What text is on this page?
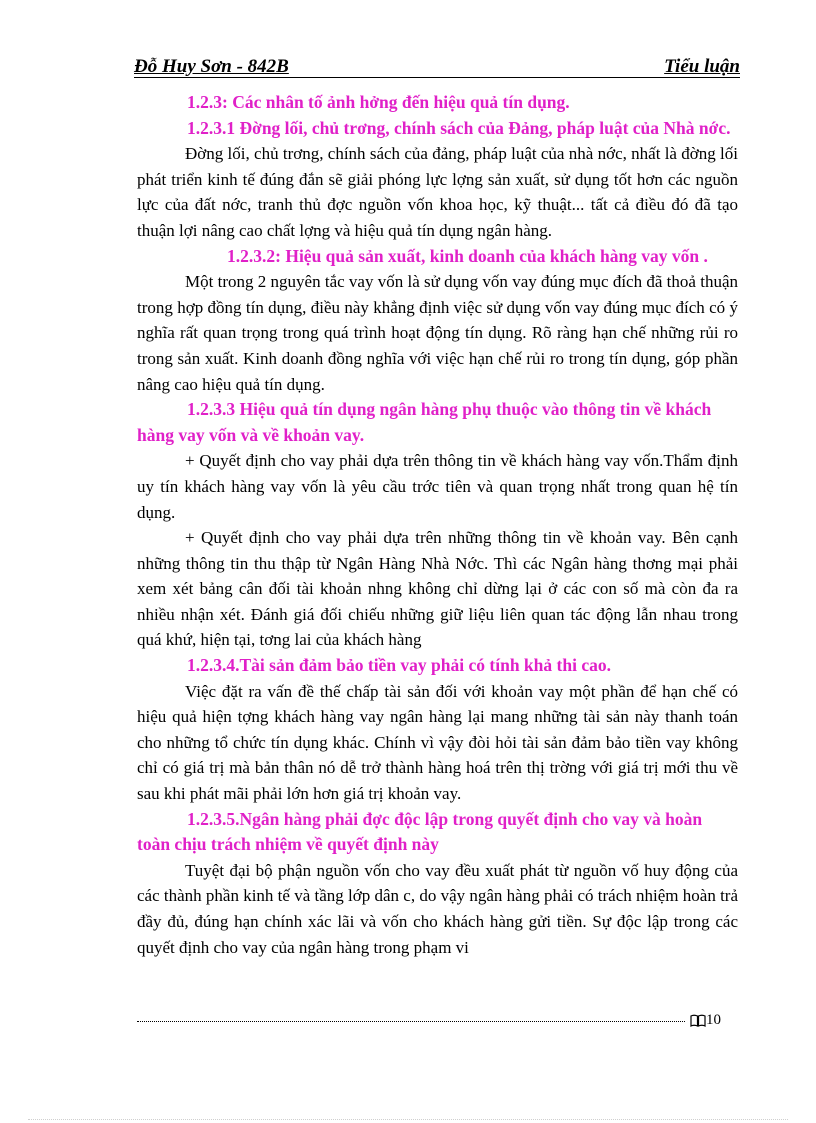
Đỗ Huy Sơn - 842B	Tiểu luận

1.2.3: Các nhân tố ảnh hởng đến hiệu quả tín dụng.

1.2.3.1 Đờng lối, chủ trơng, chính sách của Đảng, pháp luật của Nhà nớc.

Đờng lối, chủ trơng, chính sách của đảng, pháp luật của nhà nớc, nhất là đờng lối phát triển kinh tế đúng đắn sẽ giải phóng lực lợng sản xuất, sử dụng tốt hơn các nguồn lực của đất nớc, tranh thủ đợc nguồn vốn khoa học, kỹ thuật... tất cả điều đó đã tạo thuận lợi nâng cao chất lợng và hiệu quả tín dụng ngân hàng.

1.2.3.2: Hiệu quả sản xuất, kinh doanh của khách hàng vay vốn .

Một trong 2 nguyên tắc vay vốn là sử dụng vốn vay đúng mục đích đã thoả thuận trong hợp đồng tín dụng, điều này khẳng định việc sử dụng vốn vay đúng mục đích có ý nghĩa rất quan trọng trong quá trình hoạt động tín dụng. Rõ ràng hạn chế những rủi ro trong sản xuất. Kinh doanh đồng nghĩa với việc hạn chế rủi ro trong tín dụng, góp phần nâng cao hiệu quả tín dụng.

1.2.3.3 Hiệu quả tín dụng ngân hàng phụ thuộc vào thông tin về khách hàng vay vốn và về khoản vay.

+ Quyết định cho vay phải dựa trên thông tin về khách hàng vay vốn.Thẩm định uy tín khách hàng vay vốn là yêu cầu trớc tiên và quan trọng nhất trong quan hệ tín dụng.

+ Quyết định cho vay phải dựa trên những thông tin về khoản vay. Bên cạnh những thông tin thu thập từ Ngân Hàng Nhà Nớc. Thì các Ngân hàng thơng mại phải xem xét bảng cân đối tài khoản nhng không chỉ dừng lại ở các con số mà còn đa ra nhiều nhận xét. Đánh giá đối chiếu những giữ liệu liên quan tác động lẫn nhau trong quá khứ, hiện tại, tơng lai của khách hàng

1.2.3.4.Tài sản đảm bảo tiền vay phải có tính khả thi cao.

Việc đặt ra vấn đề thế chấp tài sản đối với khoản vay một phần để hạn chế có hiệu quả hiện tợng khách hàng vay ngân hàng lại mang những tài sản này thanh toán cho những tổ chức tín dụng khác. Chính vì vậy đòi hỏi tài sản đảm bảo tiền vay không chỉ có giá trị mà bản thân nó dễ trở thành hàng hoá trên thị trờng với giá trị mới thu về sau khi phát mãi phải lớn hơn giá trị khoản vay.

1.2.3.5.Ngân hàng phải đợc độc lập trong quyết định cho vay và hoàn toàn chịu trách nhiệm về quyết định này

Tuyệt đại bộ phận nguồn vốn cho vay đều xuất phát từ nguồn vố huy động của các thành phần kinh tế và tầng lớp dân c, do vậy ngân hàng phải có trách nhiệm hoàn trả đầy đủ, đúng hạn chính xác lãi và vốn cho khách hàng gửi tiền. Sự độc lập trong các quyết định cho vay của ngân hàng trong phạm vi

10
